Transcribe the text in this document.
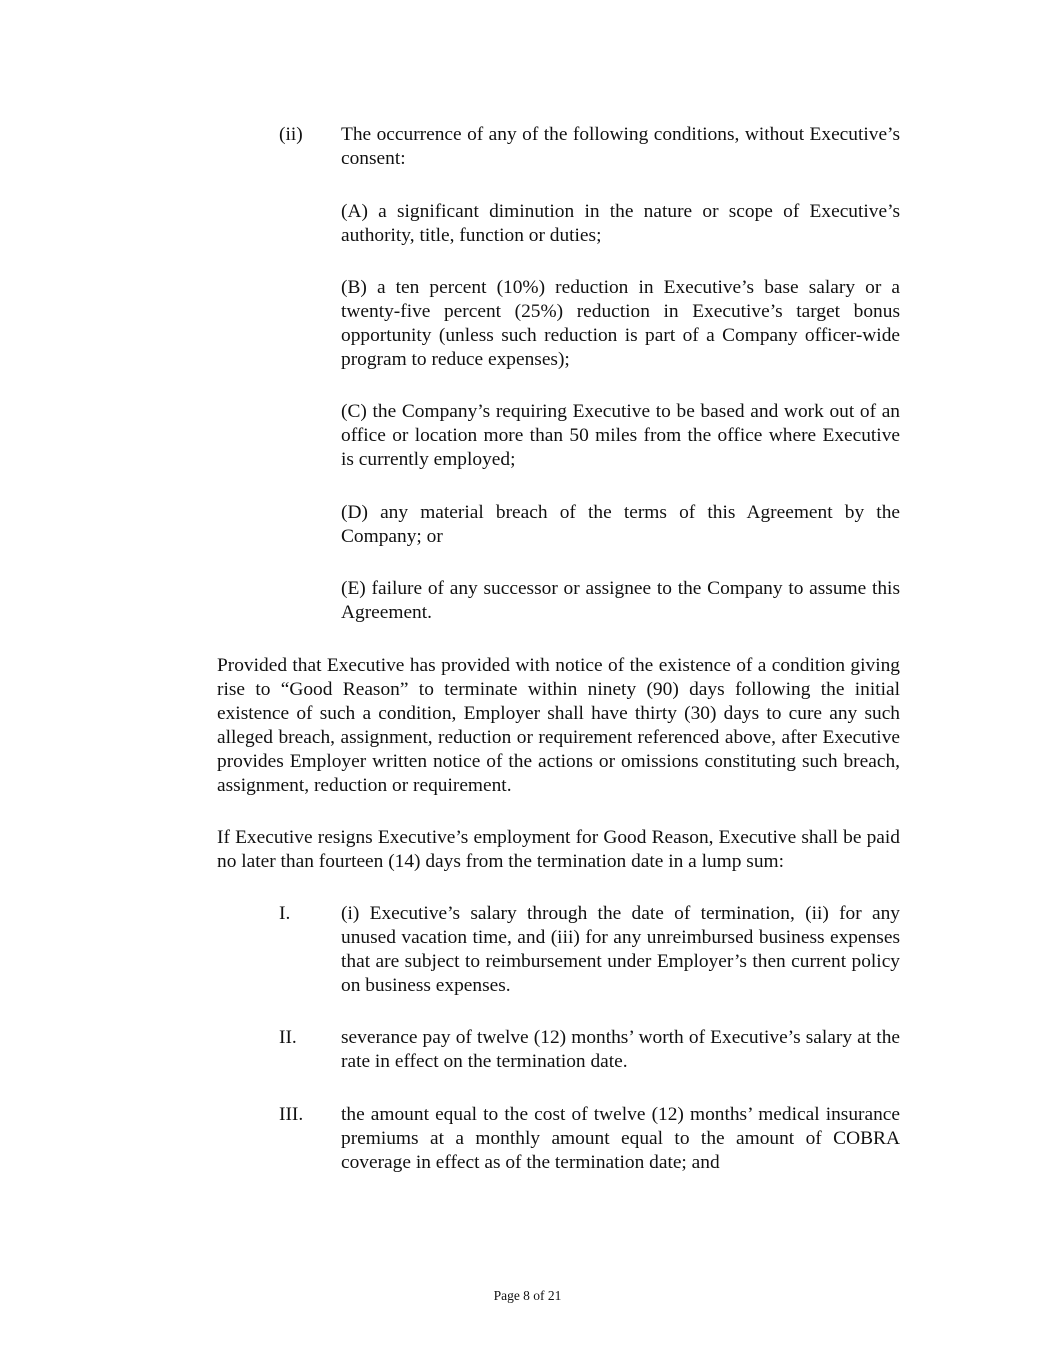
(ii) The occurrence of any of the following conditions, without Executive’s consent:
(A) a significant diminution in the nature or scope of Executive’s authority, title, function or duties;
(B) a ten percent (10%) reduction in Executive’s base salary or a twenty-five percent (25%) reduction in Executive’s target bonus opportunity (unless such reduction is part of a Company officer-wide program to reduce expenses);
(C) the Company’s requiring Executive to be based and work out of an office or location more than 50 miles from the office where Executive is currently employed;
(D) any material breach of the terms of this Agreement by the Company; or
(E) failure of any successor or assignee to the Company to assume this Agreement.
Provided that Executive has provided with notice of the existence of a condition giving rise to “Good Reason” to terminate within ninety (90) days following the initial existence of such a condition, Employer shall have thirty (30) days to cure any such alleged breach, assignment, reduction or requirement referenced above, after Executive provides Employer written notice of the actions or omissions constituting such breach, assignment, reduction or requirement.
If Executive resigns Executive’s employment for Good Reason, Executive shall be paid no later than fourteen (14) days from the termination date in a lump sum:
I.	(i) Executive’s salary through the date of termination, (ii) for any unused vacation time, and (iii) for any unreimbursed business expenses that are subject to reimbursement under Employer’s then current policy on business expenses.
II. severance pay of twelve (12) months’ worth of Executive’s salary at the rate in effect on the termination date.
III. the amount equal to the cost of twelve (12) months’ medical insurance premiums at a monthly amount equal to the amount of COBRA coverage in effect as of the termination date; and
Page 8 of 21
